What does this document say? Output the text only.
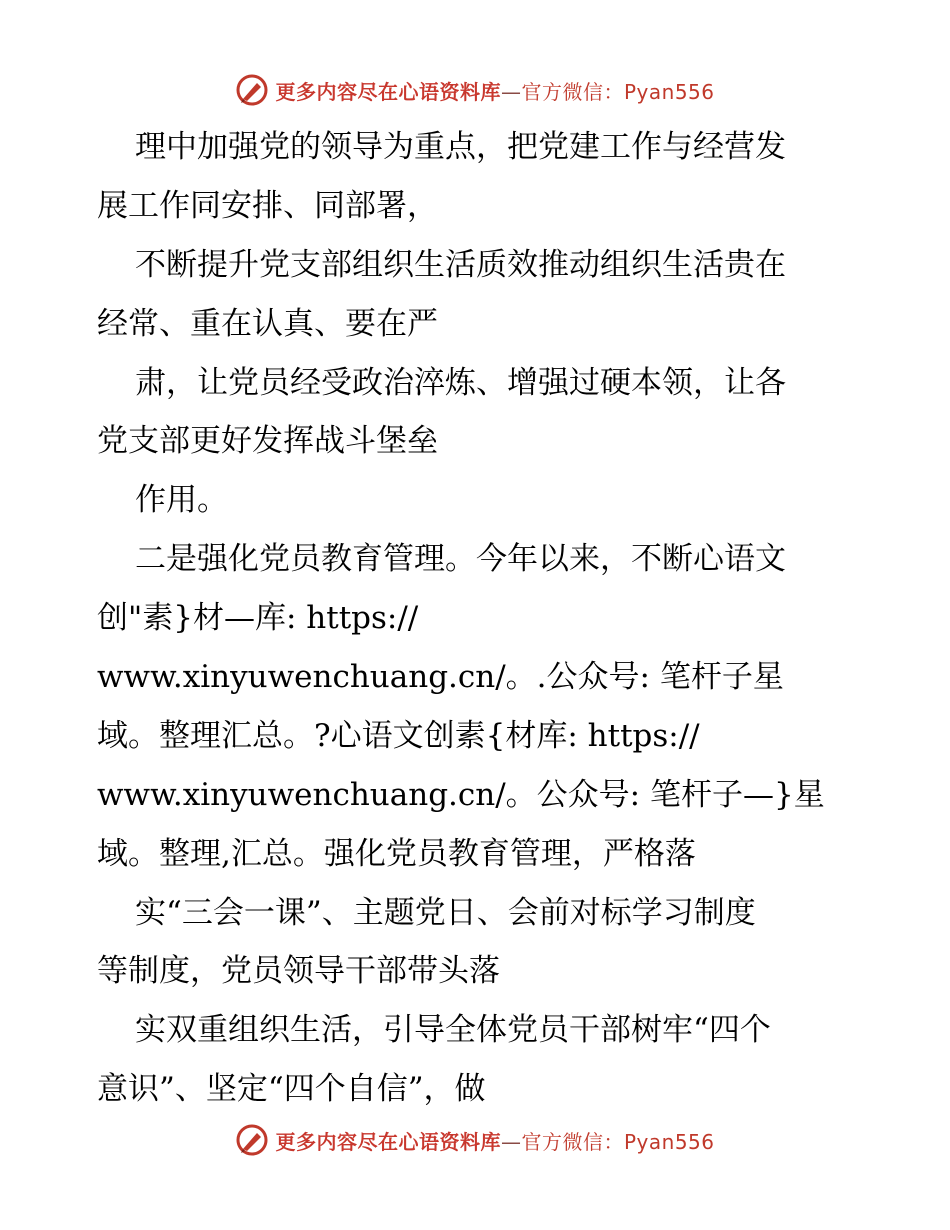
更多内容尽在心语资料库—官方微信：Pyan556
理中加强党的领导为重点，把党建工作与经营发
展工作同安排、同部署，
不断提升党支部组织生活质效推动组织生活贵在
经常、重在认真、要在严
肃，让党员经受政治淬炼、增强过硬本领，让各
党支部更好发挥战斗堡垒
作用。
二是强化党员教育管理。今年以来，不断心语文
创"素}材—库: https://
www.xinyuwenchuang.cn/。.公众号: 笔杆子星
域。整理汇总。?心语文创素{材库: https://
www.xinyuwenchuang.cn/。公众号: 笔杆子—}星
域。整理,汇总。强化党员教育管理，严格落
实“三会一课”、主题党日、会前对标学习制度
等制度，党员领导干部带头落
实双重组织生活，引导全体党员干部树牢“四个
意识”、坚定“四个自信”，做
更多内容尽在心语资料库—官方微信：Pyan556
